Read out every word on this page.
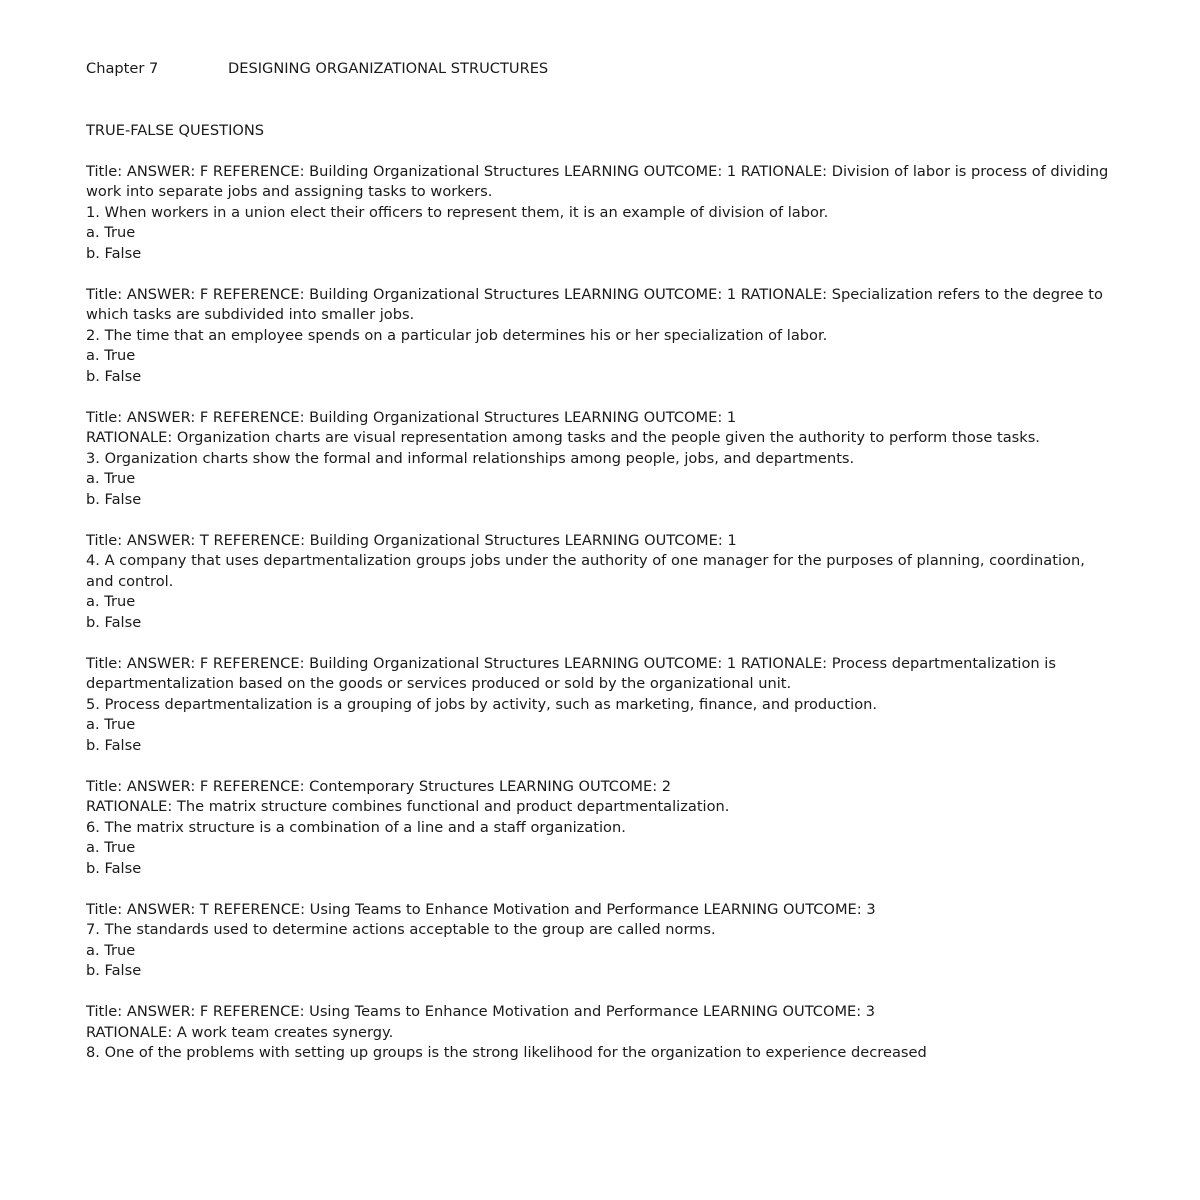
Chapter 7	DESIGNING ORGANIZATIONAL STRUCTURES
TRUE-FALSE QUESTIONS
Title: ANSWER: F REFERENCE: Building Organizational Structures LEARNING OUTCOME: 1 RATIONALE: Division of labor is process of dividing work into separate jobs and assigning tasks to workers.
1. When workers in a union elect their officers to represent them, it is an example of division of labor.
a. True
b. False
Title: ANSWER: F REFERENCE: Building Organizational Structures LEARNING OUTCOME: 1 RATIONALE: Specialization refers to the degree to which tasks are subdivided into smaller jobs.
2. The time that an employee spends on a particular job determines his or her specialization of labor.
a. True
b. False
Title: ANSWER: F REFERENCE: Building Organizational Structures LEARNING OUTCOME: 1
RATIONALE: Organization charts are visual representation among tasks and the people given the authority to perform those tasks.
3. Organization charts show the formal and informal relationships among people, jobs, and departments.
a. True
b. False
Title: ANSWER: T REFERENCE: Building Organizational Structures LEARNING OUTCOME: 1
4. A company that uses departmentalization groups jobs under the authority of one manager for the purposes of planning, coordination, and control.
a. True
b. False
Title: ANSWER: F REFERENCE: Building Organizational Structures LEARNING OUTCOME: 1 RATIONALE: Process departmentalization is departmentalization based on the goods or services produced or sold by the organizational unit.
5. Process departmentalization is a grouping of jobs by activity, such as marketing, finance, and production.
a. True
b. False
Title: ANSWER: F REFERENCE: Contemporary Structures LEARNING OUTCOME: 2
RATIONALE: The matrix structure combines functional and product departmentalization.
6. The matrix structure is a combination of a line and a staff organization.
a. True
b. False
Title: ANSWER: T REFERENCE: Using Teams to Enhance Motivation and Performance LEARNING OUTCOME: 3
7. The standards used to determine actions acceptable to the group are called norms.
a. True
b. False
Title: ANSWER: F REFERENCE: Using Teams to Enhance Motivation and Performance LEARNING OUTCOME: 3
RATIONALE: A work team creates synergy.
8. One of the problems with setting up groups is the strong likelihood for the organization to experience decreased
